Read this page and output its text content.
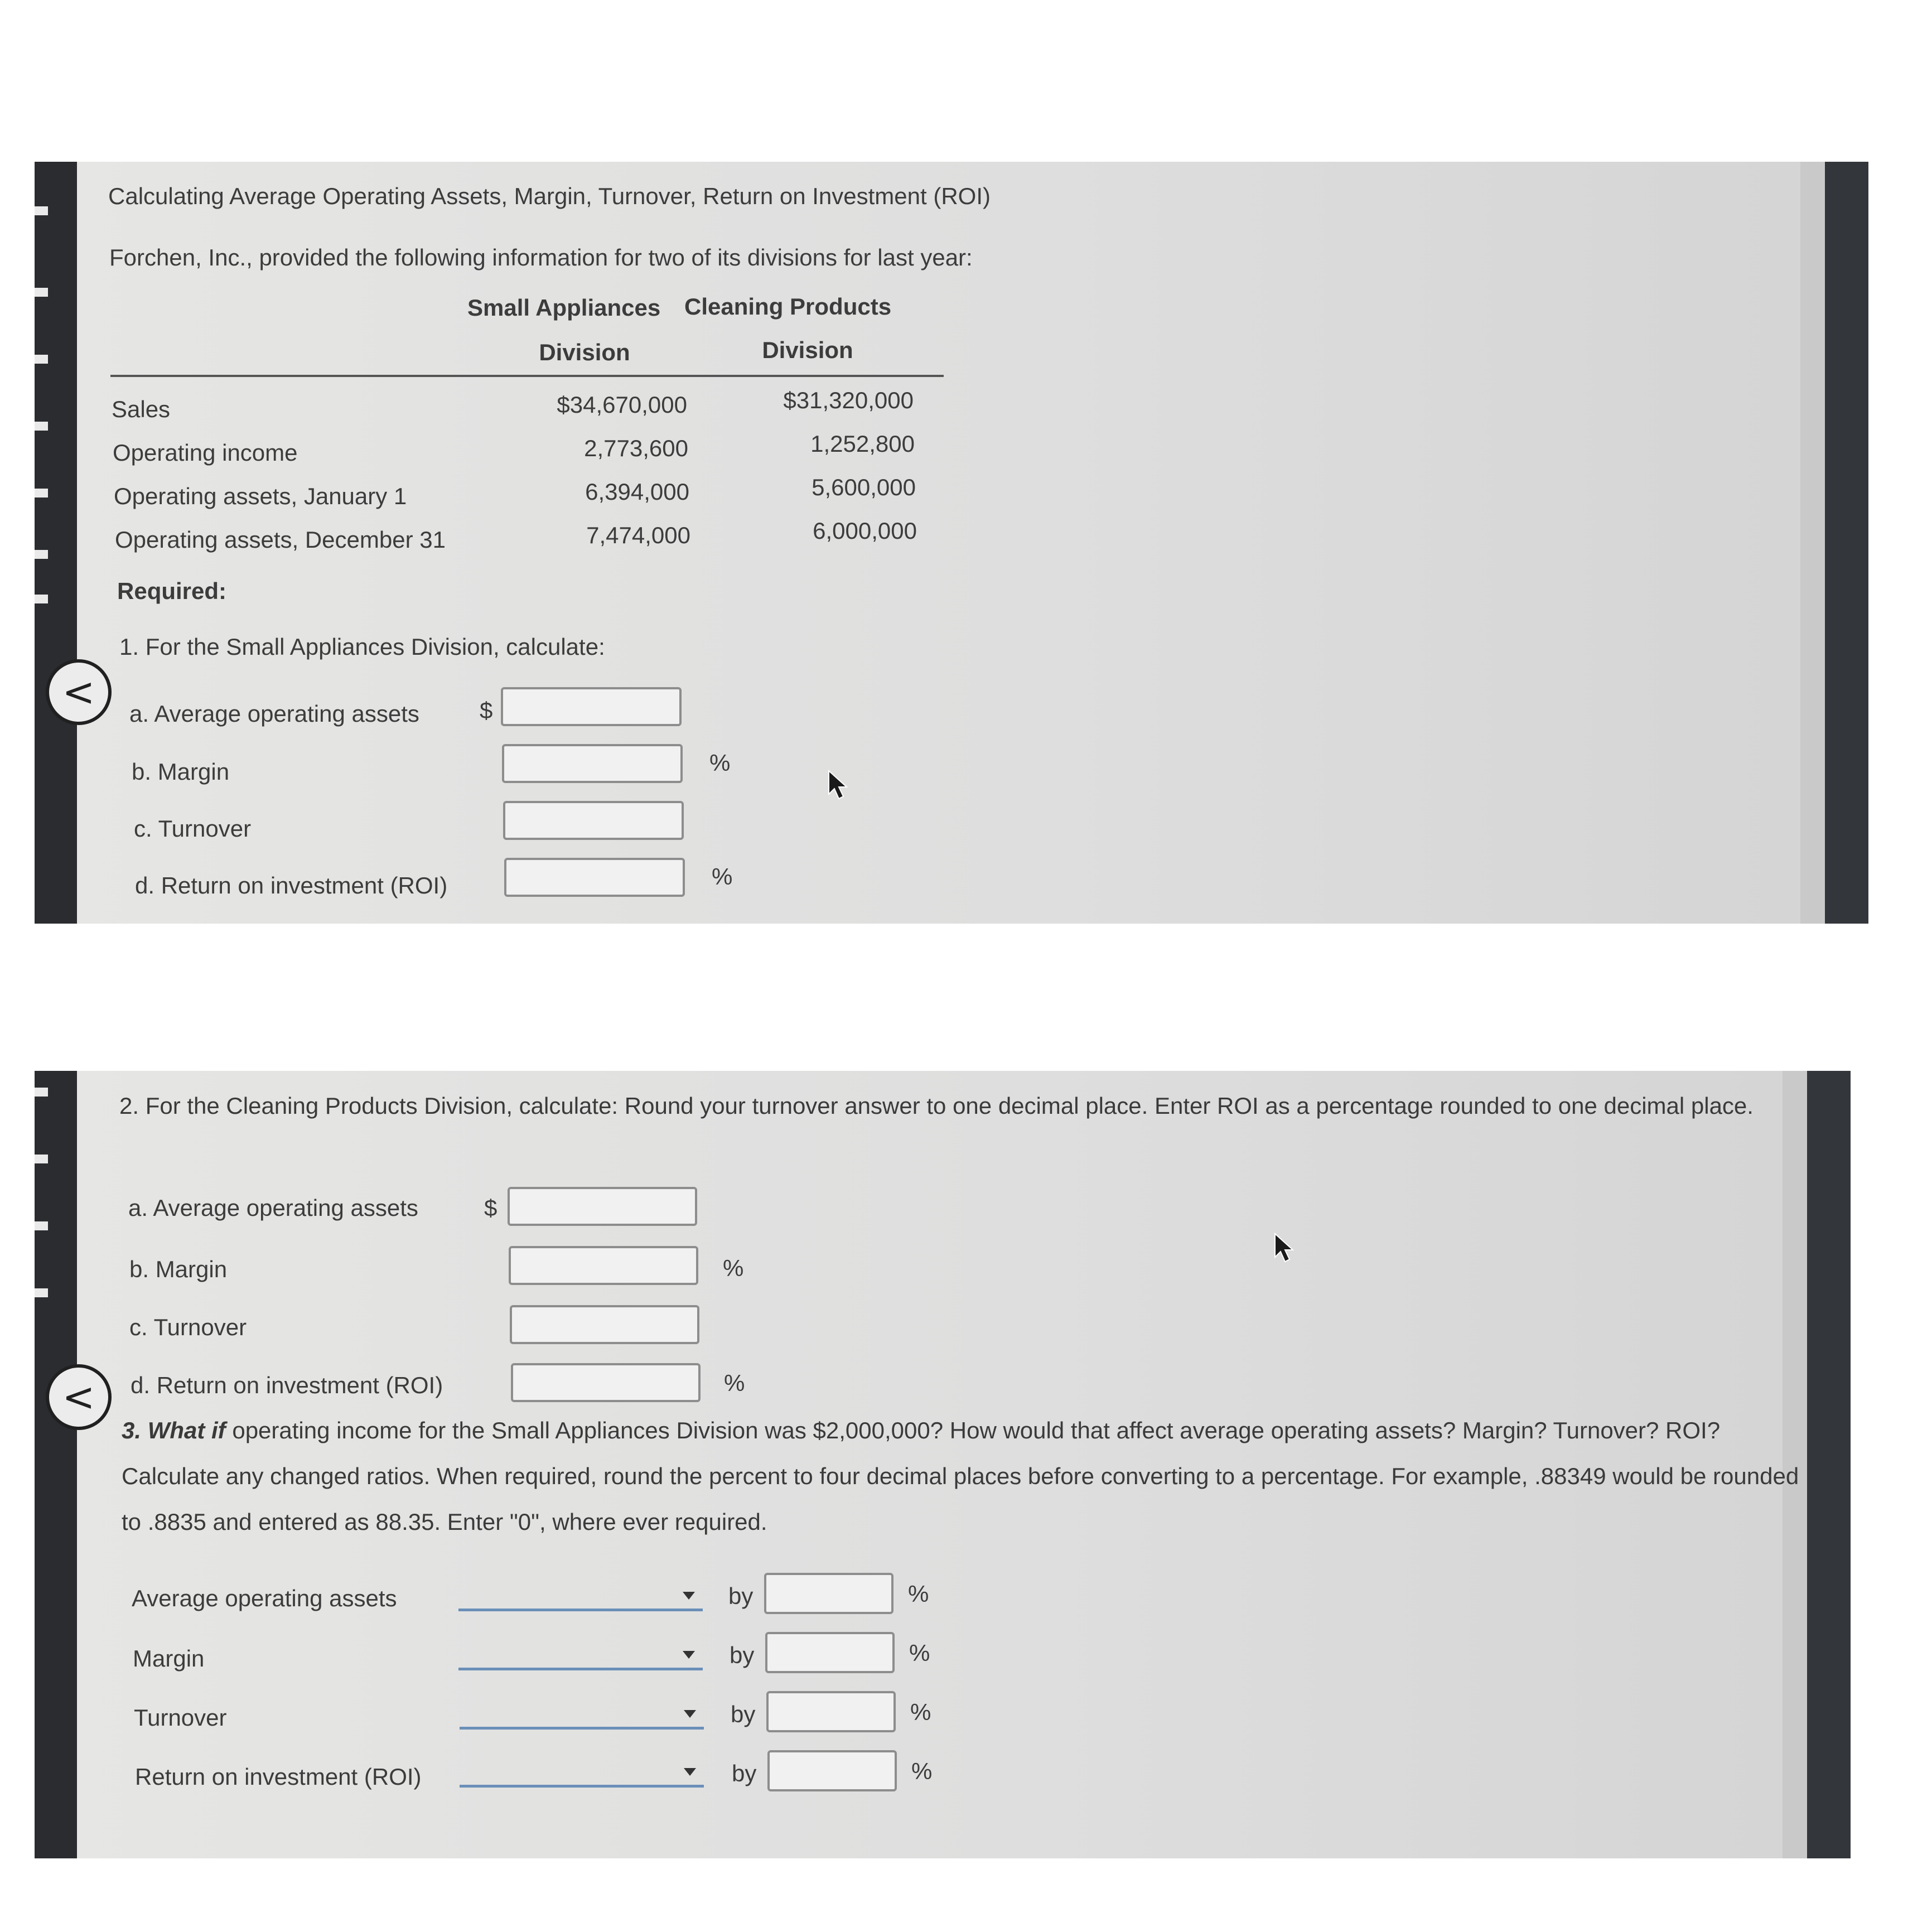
Calculating Average Operating Assets, Margin, Turnover, Return on Investment (ROI)
Forchen, Inc., provided the following information for two of its divisions for last year:
Small Appliances Cleaning Products
Division	Division
Sales	$34,670,000	$31,320,000
Operating income	2,773,600	1,252,800
Operating assets, January 1	6,394,000	5,600,000
Operating assets, December 31	7,474,000	6,000,000
Required:
1. For the Small Appliances Division, calculate:
<	a. Average operating assets	$
b. Margin	%
c. Turnover
d. Return on investment (ROI)	%
2. For the Cleaning Products Division, calculate: Round your turnover answer to one decimal place. Enter ROI as a percentage rounded to one decimal place.
a. Average operating assets	$
b. Margin	%
c. Turnover
d. Return on investment (ROI)	%
<
3. What if operating income for the Small Appliances Division was $2,000,000? How would that affect average operating assets? Margin? Turnover? ROI? Calculate any changed ratios. When required, round the percent to four decimal places before converting to a percentage. For example, .88349 would be rounded to .8835 and entered as 88.35. Enter "0", where ever required.
Average operating assets	by	%
Margin	by	%
Turnover	by	%
Return on investment (ROI)	by	%
